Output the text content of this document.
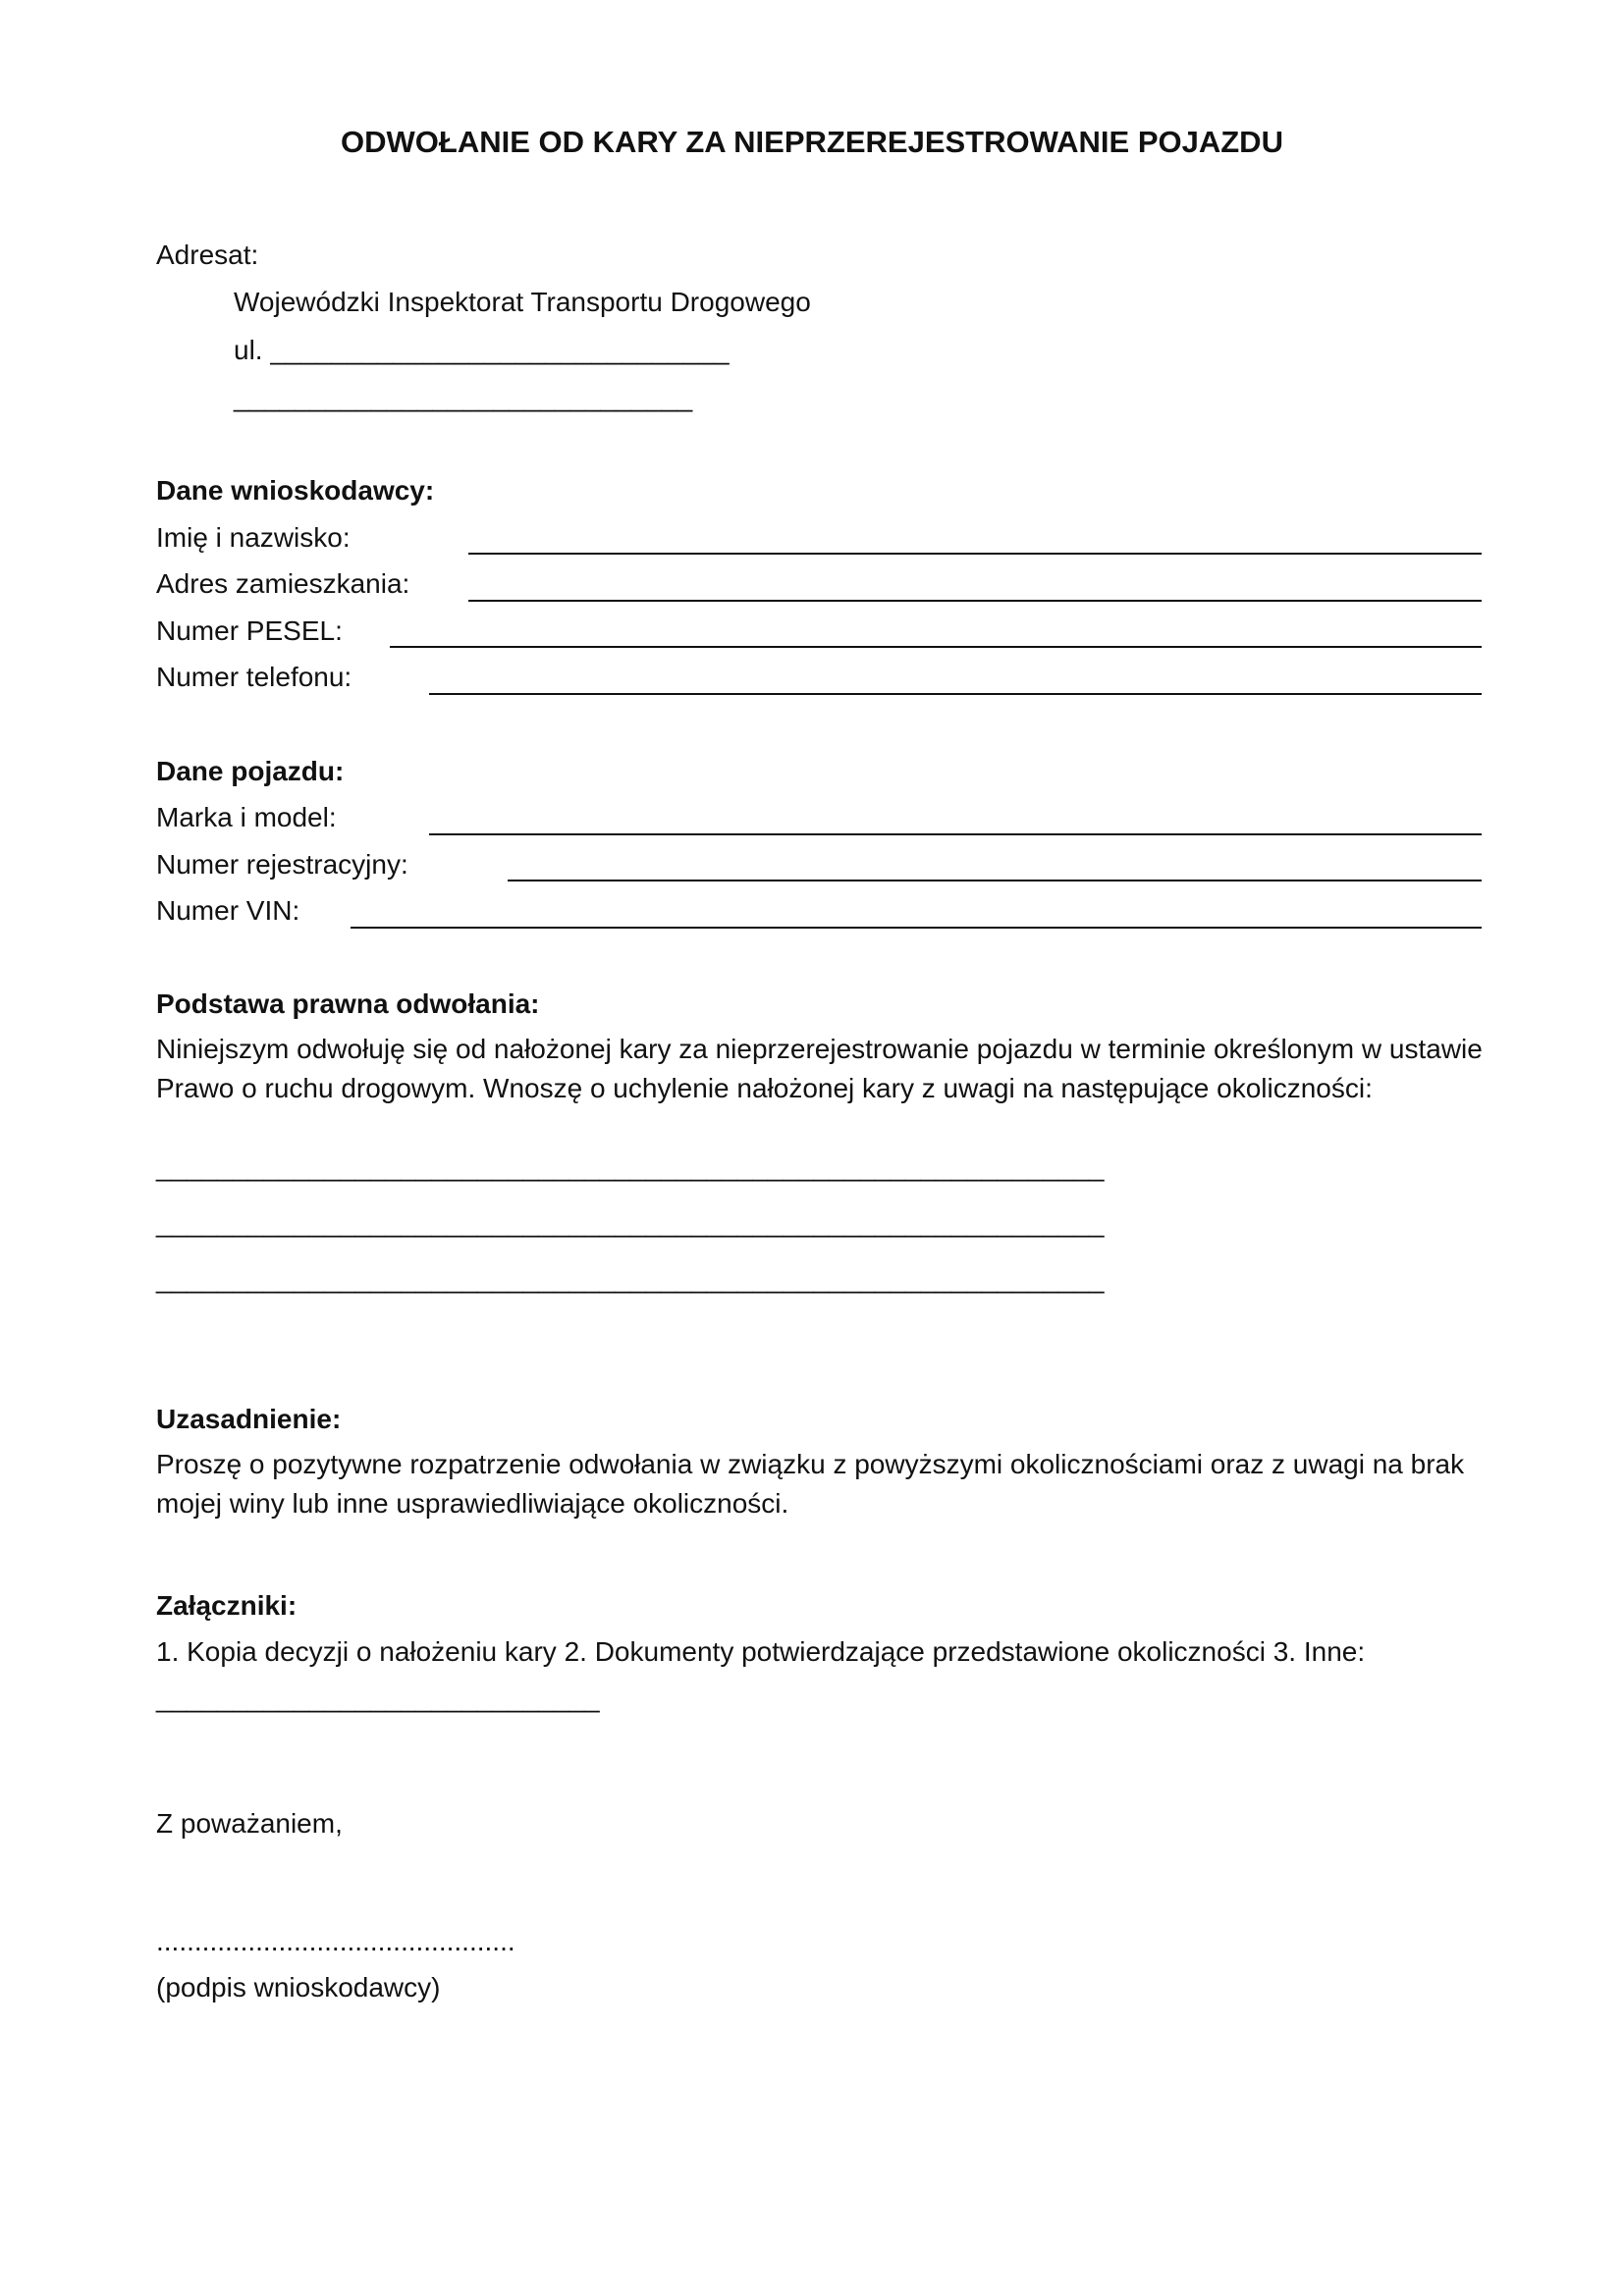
ODWOŁANIE OD KARY ZA NIEPRZEREJESTROWANIE POJAZDU
Adresat:
Wojewódzki Inspektorat Transportu Drogowego
ul. ______________________________
______________________________
Dane wnioskodawcy:
Imię i nazwisko:
Adres zamieszkania:
Numer PESEL:
Numer telefonu:
Dane pojazdu:
Marka i model:
Numer rejestracyjny:
Numer VIN:
Podstawa prawna odwołania:
Niniejszym odwołuję się od nałożonej kary za nieprzerejestrowanie pojazdu w terminie określonym w ustawie Prawo o ruchu drogowym. Wnoszę o uchylenie nałożonej kary z uwagi na następujące okoliczności:
______________________________________________________________
______________________________________________________________
______________________________________________________________
Uzasadnienie:
Proszę o pozytywne rozpatrzenie odwołania w związku z powyższymi okolicznościami oraz z uwagi na brak mojej winy lub inne usprawiedliwiające okoliczności.
Załączniki:
1. Kopia decyzji o nałożeniu kary 2. Dokumenty potwierdzające przedstawione okoliczności 3. Inne:
_____________________________
Z poważaniem,
...............................................
(podpis wnioskodawcy)
